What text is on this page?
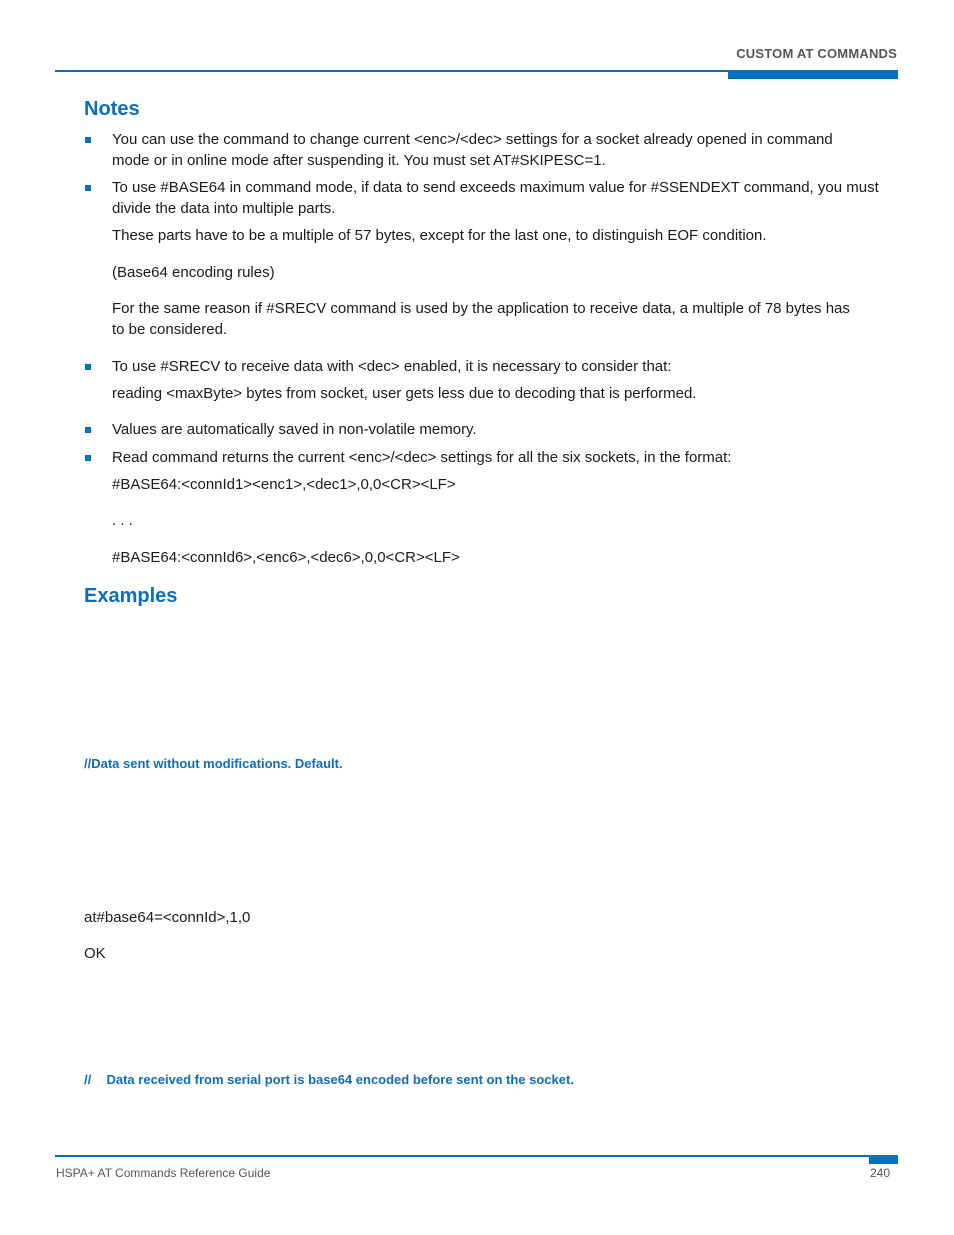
CUSTOM AT COMMANDS
Notes
You can use the command to change current <enc>/<dec> settings for a socket already opened in command
mode or in online mode after suspending it. You must set AT#SKIPESC=1.
To use #BASE64 in command mode, if data to send exceeds maximum value for #SSENDEXT command, you must
divide the data into multiple parts.
These parts have to be a multiple of 57 bytes, except for the last one, to distinguish EOF condition.
(Base64 encoding rules)
For the same reason if #SRECV command is used by the application to receive data, a multiple of 78 bytes has
to be considered.
To use #SRECV to receive data with <dec> enabled, it is necessary to consider that:
reading <maxByte> bytes from socket, user gets less due to decoding that is performed.
Values are automatically saved in non-volatile memory.
Read command returns the current <enc>/<dec> settings for all the six sockets, in the format:
#BASE64:<connId1><enc1>,<dec1>,0,0<CR><LF>
. . .
#BASE64:<connId6>,<enc6>,<dec6>,0,0<CR><LF>
Examples
//Data sent without modifications. Default.
at#base64=<connId>,1,0
OK
// Data received from serial port is base64 encoded before sent on the socket.
HSPA+ AT Commands Reference Guide	240
